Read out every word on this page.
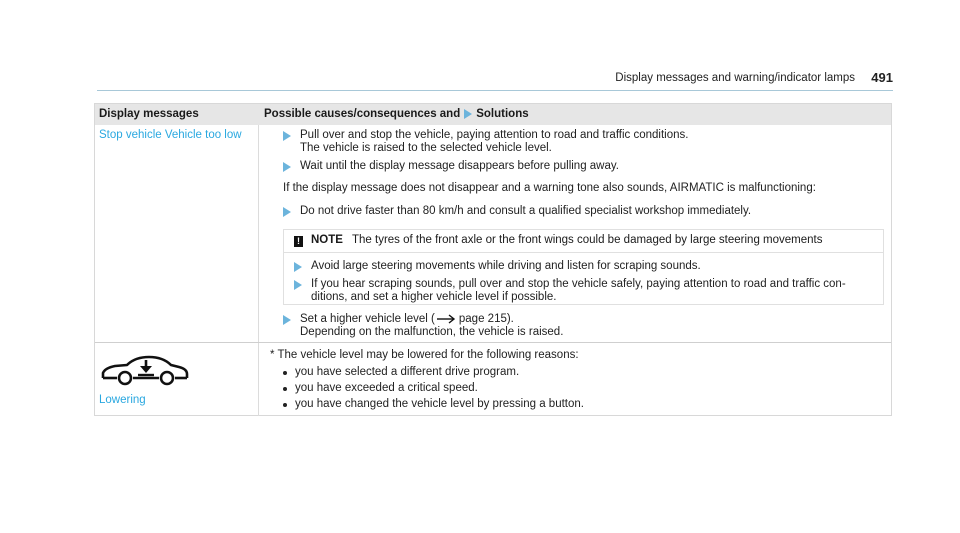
Display messages and warning/indicator lamps 491
Display messages	Possible causes/consequences and Solutions
Stop vehicle Vehicle too low	Pull over and stop the vehicle, paying attention to road and traffic conditions.
The vehicle is raised to the selected vehicle level.
Wait until the display message disappears before pulling away.
If the display message does not disappear and a warning tone also sounds, AIRMATIC is malfunctioning:
Do not drive faster than 80 km/h and consult a qualified specialist workshop immediately.
! NOTE The tyres of the front axle or the front wings could be damaged by large steering movements
Avoid large steering movements while driving and listen for scraping sounds.
If you hear scraping sounds, pull over and stop the vehicle safely, paying attention to road and traffic con-
ditions, and set a higher vehicle level if possible.
Set a higher vehicle level ( page 215).
Depending on the malfunction, the vehicle is raised.
Lowering
* The vehicle level may be lowered for the following reasons:
you have selected a different drive program.
you have exceeded a critical speed.
you have changed the vehicle level by pressing a button.
